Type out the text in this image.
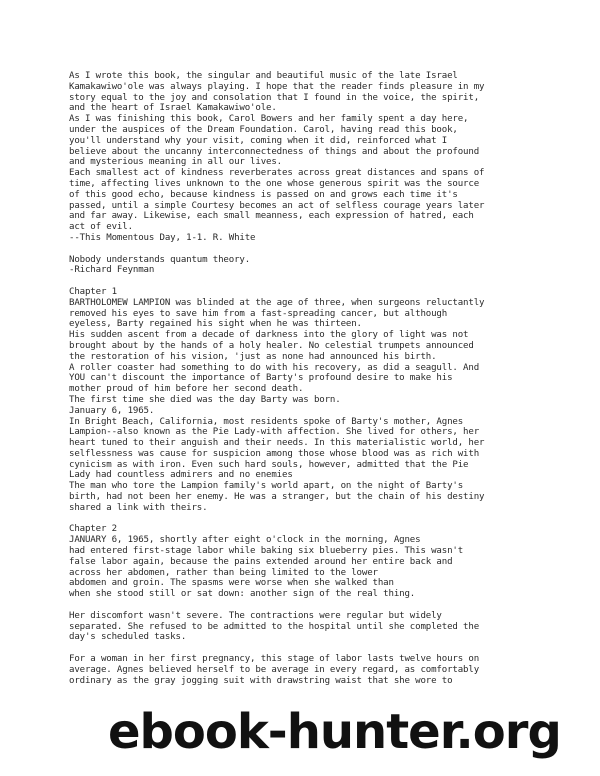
As I wrote this book, the singular and beautiful music of the late Israel
Kamakawiwo'ole was always playing. I hope that the reader finds pleasure in my
story equal to the joy and consolation that I found in the voice, the spirit,
and the heart of Israel Kamakawiwo'ole.
As I was finishing this book, Carol Bowers and her family spent a day here,
under the auspices of the Dream Foundation. Carol, having read this book,
you'll understand why your visit, coming when it did, reinforced what I
believe about the uncanny interconnectedness of things and about the profound
and mysterious meaning in all our lives.
Each smallest act of kindness reverberates across great distances and spans of
time, affecting lives unknown to the one whose generous spirit was the source
of this good echo, because kindness is passed on and grows each time it's
passed, until a simple Courtesy becomes an act of selfless courage years later
and far away. Likewise, each small meanness, each expression of hatred, each
act of evil.
--This Momentous Day, 1-1. R. White
Nobody understands quantum theory.
-Richard Feynman
Chapter 1
BARTHOLOMEW LAMPION was blinded at the age of three, when surgeons reluctantly
removed his eyes to save him from a fast-spreading cancer, but although
eyeless, Barty regained his sight when he was thirteen.
His sudden ascent from a decade of darkness into the glory of light was not
brought about by the hands of a holy healer. No celestial trumpets announced
the restoration of his vision, 'just as none had announced his birth.
A roller coaster had something to do with his recovery, as did a seagull. And
YOU can't discount the importance of Barty's profound desire to make his
mother proud of him before her second death.
The first time she died was the day Barty was born.
January 6, 1965.
In Bright Beach, California, most residents spoke of Barty's mother, Agnes
Lampion--also known as the Pie Lady-with affection. She lived for others, her
heart tuned to their anguish and their needs. In this materialistic world, her
selflessness was cause for suspicion among those whose blood was as rich with
cynicism as with iron. Even such hard souls, however, admitted that the Pie
Lady had countless admirers and no enemies
The man who tore the Lampion family's world apart, on the night of Barty's
birth, had not been her enemy. He was a stranger, but the chain of his destiny
shared a link with theirs.
Chapter 2
JANUARY 6, 1965, shortly after eight o'clock in the morning, Agnes
had entered first-stage labor while baking six blueberry pies. This wasn't
false labor again, because the pains extended around her entire back and
across her abdomen, rather than being limited to the lower
abdomen and groin. The spasms were worse when she walked than
when she stood still or sat down: another sign of the real thing.
Her discomfort wasn't severe. The contractions were regular but widely
separated. She refused to be admitted to the hospital until she completed the
day's scheduled tasks.
For a woman in her first pregnancy, this stage of labor lasts twelve hours on
average. Agnes believed herself to be average in every regard, as comfortably
ordinary as the gray jogging suit with drawstring waist that she wore to
ebook-hunter.org
